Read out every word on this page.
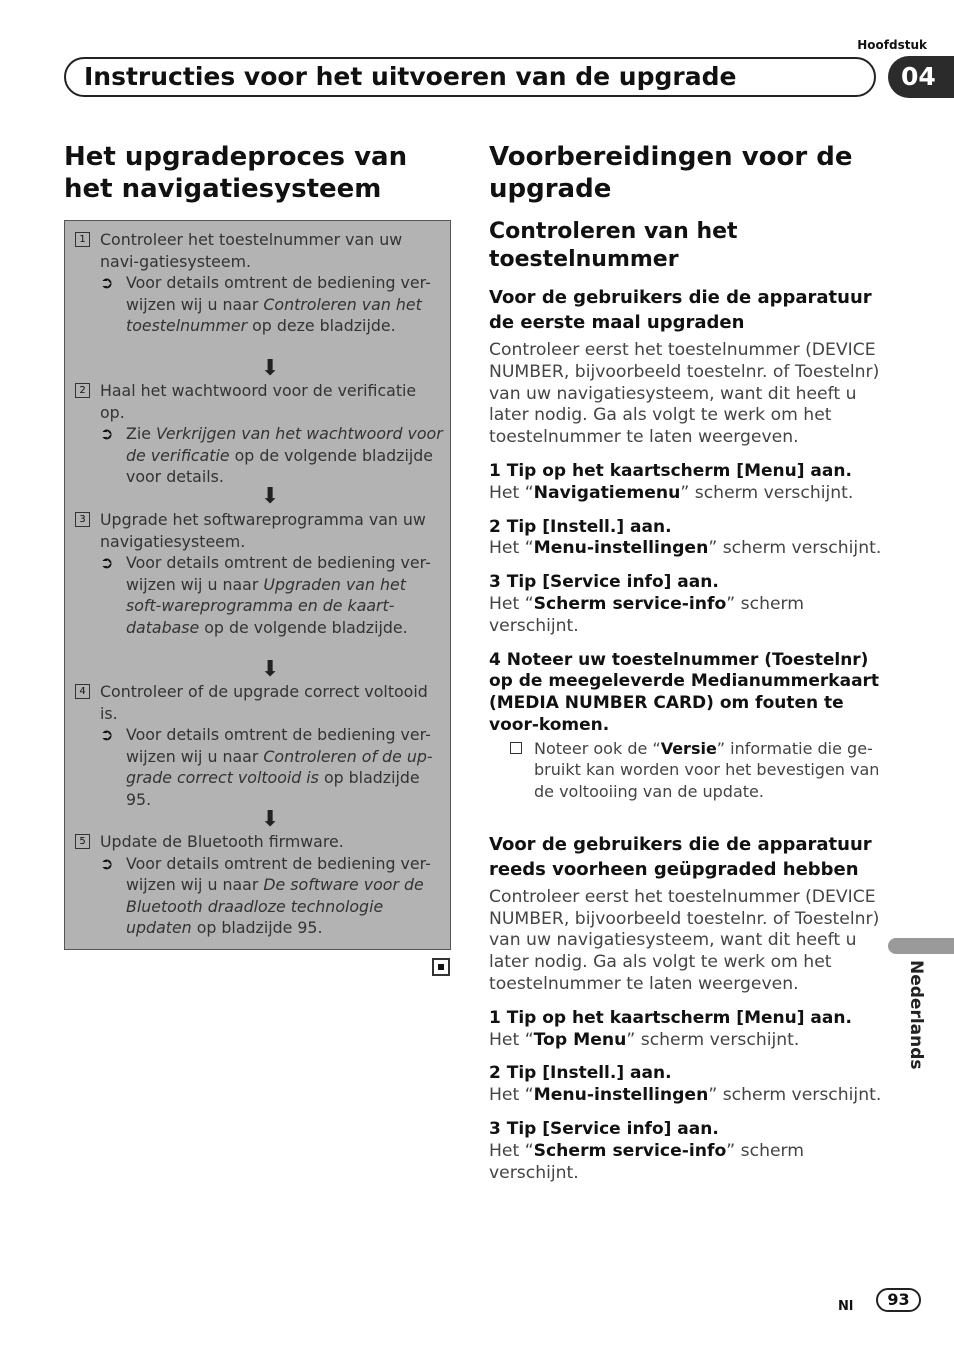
Hoofdstuk
Instructies voor het uitvoeren van de upgrade	04
Het upgradeproces van het navigatiesysteem
1 Controleer het toestelnummer van uw navi-gatiesysteem.
➲ Voor details omtrent de bediening ver-wijzen wij u naar Controleren van het toestelnummer op deze bladzijde.
⬇
2 Haal het wachtwoord voor de verificatie op.
➲ Zie Verkrijgen van het wachtwoord voor de verificatie op de volgende bladzijde voor details.
⬇
3 Upgrade het softwareprogramma van uw navigatiesysteem.
➲ Voor details omtrent de bediening ver-wijzen wij u naar Upgraden van het soft-wareprogramma en de kaart-database op de volgende bladzijde.
⬇
4 Controleer of de upgrade correct voltooid is.
➲ Voor details omtrent de bediening ver-wijzen wij u naar Controleren of de up-grade correct voltooid is op bladzijde 95.
⬇
5 Update de Bluetooth firmware.
➲ Voor details omtrent de bediening ver-wijzen wij u naar De software voor de Bluetooth draadloze technologie updaten op bladzijde 95.
Voorbereidingen voor de upgrade
Controleren van het toestelnummer
Voor de gebruikers die de apparatuur de eerste maal upgraden
Controleer eerst het toestelnummer (DEVICE NUMBER, bijvoorbeeld toestelnr. of Toestelnr) van uw navigatiesysteem, want dit heeft u later nodig. Ga als volgt te werk om het toestelnummer te laten weergeven.
1 Tip op het kaartscherm [Menu] aan.
Het “Navigatiemenu” scherm verschijnt.
2 Tip [Instell.] aan.
Het “Menu-instellingen” scherm verschijnt.
3 Tip [Service info] aan.
Het “Scherm service-info” scherm verschijnt.
4 Noteer uw toestelnummer (Toestelnr) op de meegeleverde Medianummerkaart (MEDIA NUMBER CARD) om fouten te voor-komen.
Noteer ook de “Versie” informatie die ge-bruikt kan worden voor het bevestigen van de voltooiing van de update.
Voor de gebruikers die de apparatuur reeds voorheen geüpgraded hebben
Controleer eerst het toestelnummer (DEVICE NUMBER, bijvoorbeeld toestelnr. of Toestelnr) van uw navigatiesysteem, want dit heeft u later nodig. Ga als volgt te werk om het toestelnummer te laten weergeven.
1 Tip op het kaartscherm [Menu] aan.
Het “Top Menu” scherm verschijnt.
2 Tip [Instell.] aan.
Het “Menu-instellingen” scherm verschijnt.
3 Tip [Service info] aan.
Het “Scherm service-info” scherm verschijnt.
Nederlands
Nl	93
